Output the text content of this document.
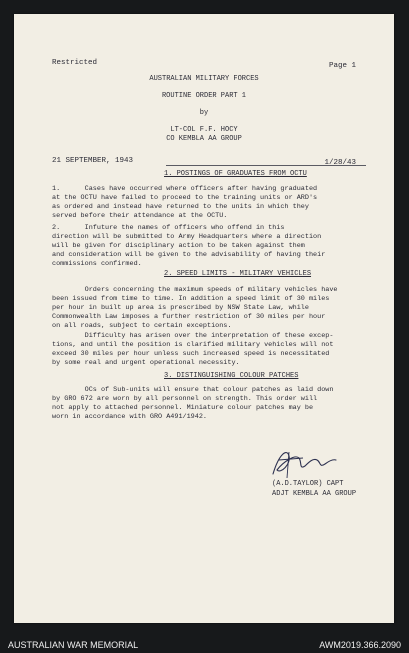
Restricted	Page 1
AUSTRALIAN MILITARY FORCES
ROUTINE ORDER PART 1
by
LT-COL F.F. HOCY
CO KEMBLA AA GROUP
21 SEPTEMBER, 1943	1/28/43
1. POSTINGS OF GRADUATES FROM OCTU
1.      Cases have occurred where officers after having graduated
at the OCTU have failed to proceed to the training units or ARD's
as ordered and instead have returned to the units in which they
served before their attendance at the OCTU.
2.      Infuture the names of officers who offend in this
direction will be submitted to Army Headquarters where a direction
will be given for disciplinary action to be taken against them
and consideration will be given to the advisability of having their
commissions confirmed.
2. SPEED LIMITS - MILITARY VEHICLES
Orders concerning the maximum speeds of military vehicles have
been issued from time to time. In addition a speed limit of 30 miles
per hour in built up area is prescribed by NSW State Law, while
Commonwealth Law imposes a further restriction of 30 miles per hour
on all roads, subject to certain exceptions.
Difficulty has arisen over the interpretation of these excep-
tions, and until the position is clarified military vehicles will not
exceed 30 miles per hour unless such increased speed is necessitated
by some real and urgent operational necessity.
3. DISTINGUISHING COLOUR PATCHES
OCs of Sub-units will ensure that colour patches as laid down
by GRO 672 are worn by all personnel on strength. This order will
not apply to attached personnel. Miniature colour patches may be
worn in accordance with GRO A491/1942.
(A.D.TAYLOR) CAPT
ADJT KEMBLA AA GROUP
AUSTRALIAN WAR MEMORIAL	AWM2019.366.2090
